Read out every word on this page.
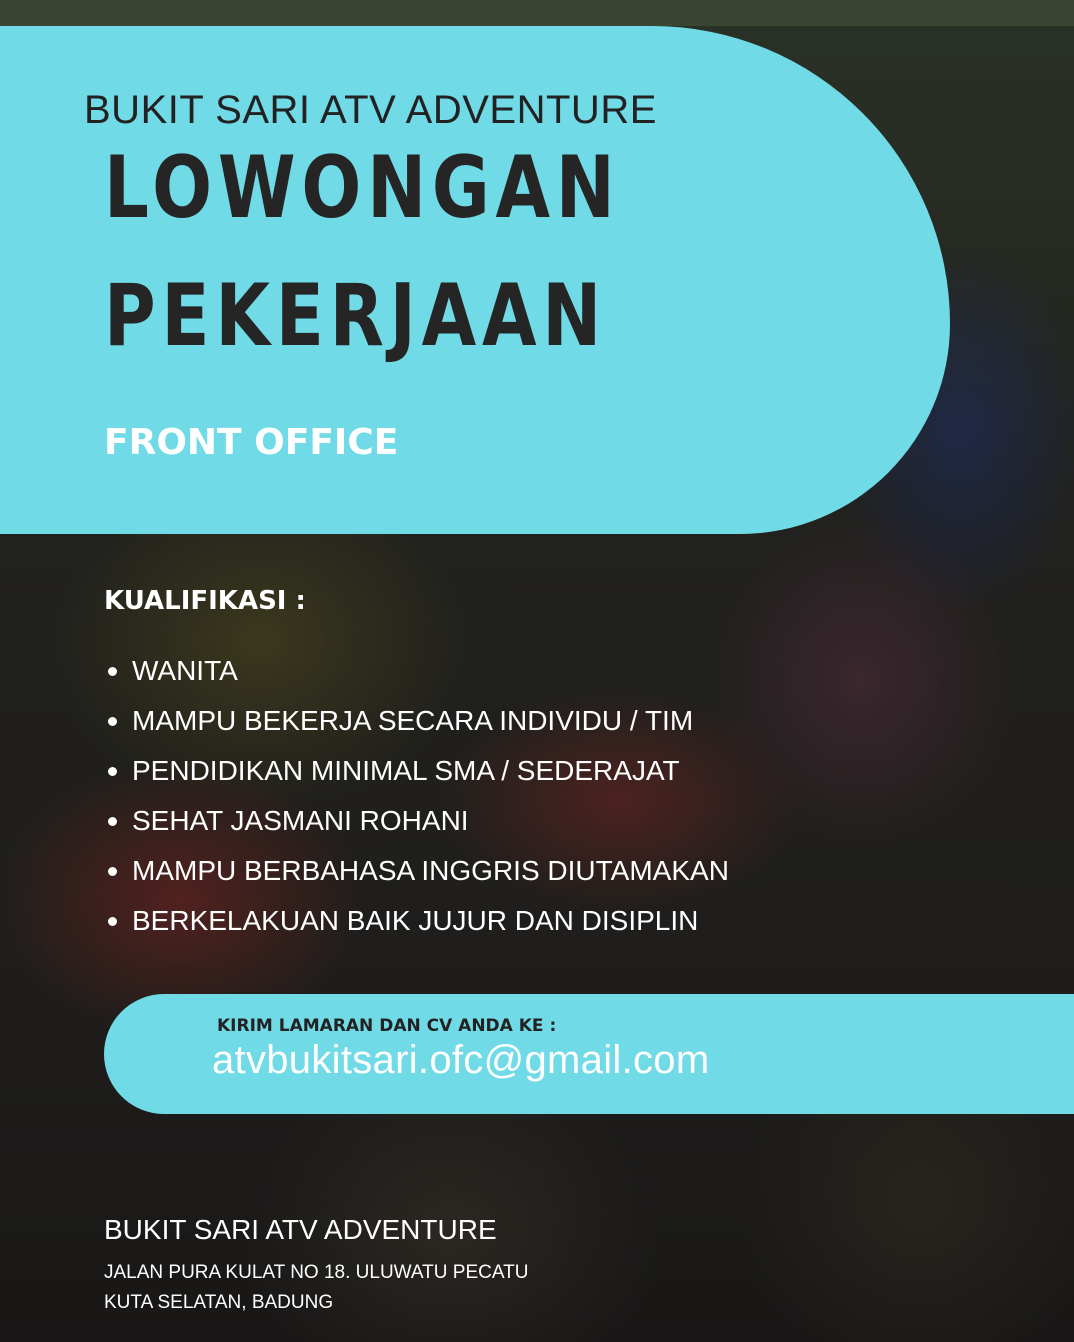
BUKIT SARI ATV ADVENTURE
LOWONGAN
PEKERJAAN
FRONT OFFICE
KUALIFIKASI :
WANITA
MAMPU BEKERJA SECARA INDIVIDU / TIM
PENDIDIKAN MINIMAL SMA / SEDERAJAT
SEHAT JASMANI ROHANI
MAMPU BERBAHASA INGGRIS DIUTAMAKAN
BERKELAKUAN BAIK JUJUR DAN DISIPLIN

KIRIM LAMARAN DAN CV ANDA KE :

atvbukitsari.ofc@gmail.com

BUKIT SARI ATV ADVENTURE

JALAN PURA KULAT NO 18. ULUWATU PECATU

KUTA SELATAN, BADUNG
